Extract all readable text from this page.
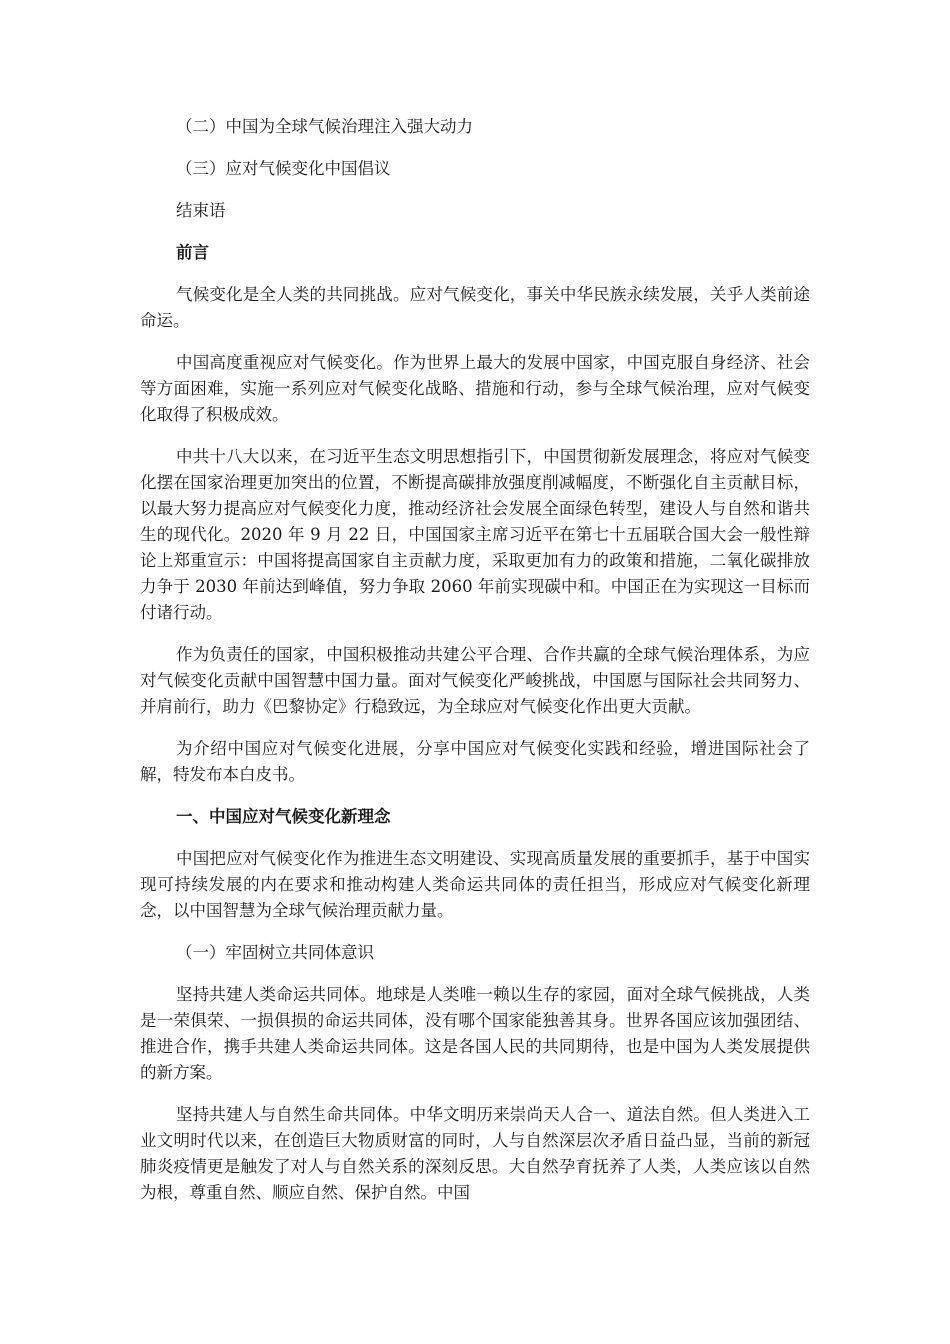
（二）中国为全球气候治理注入强大动力

（三）应对气候变化中国倡议

结束语

前言

气候变化是全人类的共同挑战。应对气候变化，事关中华民族永续发展，关乎人类前途命运。

中国高度重视应对气候变化。作为世界上最大的发展中国家，中国克服自身经济、社会等方面困难，实施一系列应对气候变化战略、措施和行动，参与全球气候治理，应对气候变化取得了积极成效。

中共十八大以来，在习近平生态文明思想指引下，中国贯彻新发展理念，将应对气候变化摆在国家治理更加突出的位置，不断提高碳排放强度削减幅度，不断强化自主贡献目标，以最大努力提高应对气候变化力度，推动经济社会发展全面绿色转型，建设人与自然和谐共生的现代化。2020 年 9 月 22 日，中国国家主席习近平在第七十五届联合国大会一般性辩论上郑重宣示：中国将提高国家自主贡献力度，采取更加有力的政策和措施，二氧化碳排放力争于 2030 年前达到峰值，努力争取 2060 年前实现碳中和。中国正在为实现这一目标而付诸行动。

作为负责任的国家，中国积极推动共建公平合理、合作共赢的全球气候治理体系，为应对气候变化贡献中国智慧中国力量。面对气候变化严峻挑战，中国愿与国际社会共同努力、并肩前行，助力《巴黎协定》行稳致远，为全球应对气候变化作出更大贡献。

为介绍中国应对气候变化进展，分享中国应对气候变化实践和经验，增进国际社会了解，特发布本白皮书。

一、中国应对气候变化新理念

中国把应对气候变化作为推进生态文明建设、实现高质量发展的重要抓手，基于中国实现可持续发展的内在要求和推动构建人类命运共同体的责任担当，形成应对气候变化新理念，以中国智慧为全球气候治理贡献力量。

（一）牢固树立共同体意识

坚持共建人类命运共同体。地球是人类唯一赖以生存的家园，面对全球气候挑战，人类是一荣俱荣、一损俱损的命运共同体，没有哪个国家能独善其身。世界各国应该加强团结、推进合作，携手共建人类命运共同体。这是各国人民的共同期待，也是中国为人类发展提供的新方案。

坚持共建人与自然生命共同体。中华文明历来崇尚天人合一、道法自然。但人类进入工业文明时代以来，在创造巨大物质财富的同时，人与自然深层次矛盾日益凸显，当前的新冠肺炎疫情更是触发了对人与自然关系的深刻反思。大自然孕育抚养了人类，人类应该以自然为根，尊重自然、顺应自然、保护自然。中国
